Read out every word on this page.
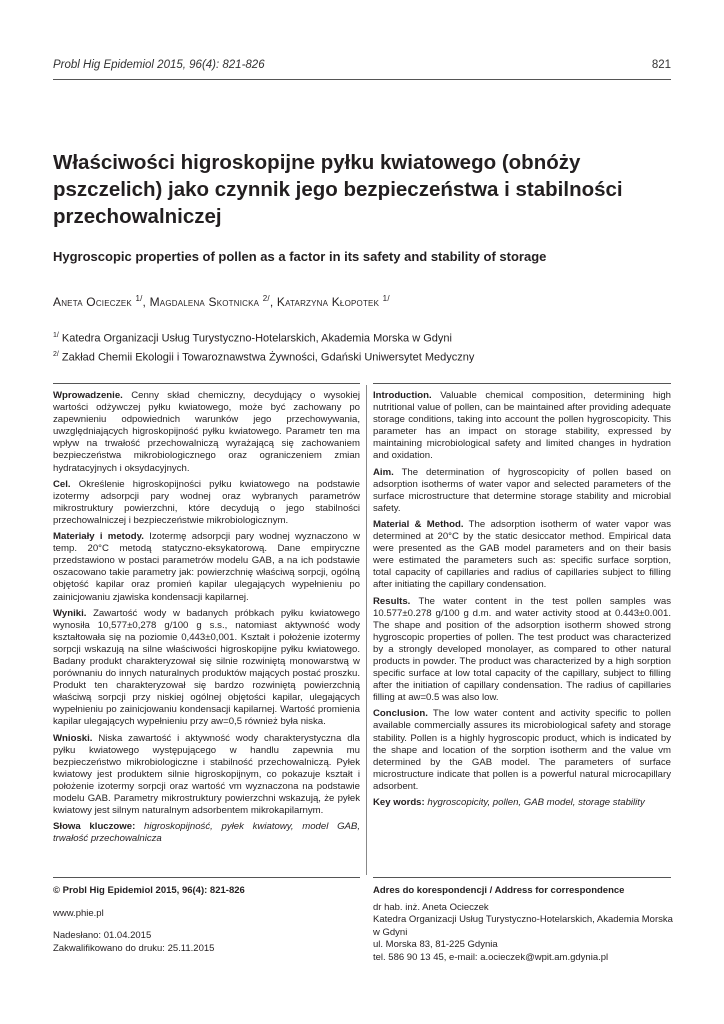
Probl Hig Epidemiol 2015, 96(4): 821-826	821
Właściwości higroskopijne pyłku kwiatowego (obnóży pszczelich) jako czynnik jego bezpieczeństwa i stabilności przechowalniczej
Hygroscopic properties of pollen as a factor in its safety and stability of storage
Aneta Ocieczek $^{1/}$, Magdalena Skotnicka $^{2/}$, Katarzyna Kłopotek $^{1/}$
$^{1/}$ Katedra Organizacji Usług Turystyczno-Hotelarskich, Akademia Morska w Gdyni
$^{2/}$ Zakład Chemii Ekologii i Towaroznawstwa Żywności, Gdański Uniwersytet Medyczny

Wprowadzenie. Cenny skład chemiczny, decydujący o wysokiej wartości odżywczej pyłku kwiatowego, może być zachowany po zapewnieniu odpowiednich warunków jego przechowywania, uwzględniających higroskopijność pyłku kwiatowego. Parametr ten ma wpływ na trwałość przechowalniczą wyrażającą się zachowaniem bezpieczeństwa mikrobiologicznego oraz ograniczeniem zmian hydratacyjnych i oksydacyjnych.

Cel. Określenie higroskopijności pyłku kwiatowego na podstawie izotermy adsorpcji pary wodnej oraz wybranych parametrów mikrostruktury powierzchni, które decydują o jego stabilności przechowalniczej i bezpieczeństwie mikrobiologicznym.

Materiały i metody. Izotermę adsorpcji pary wodnej wyznaczono w temp. 20°C metodą statyczno-eksykatorową. Dane empiryczne przedstawiono w postaci parametrów modelu GAB, a na ich podstawie oszacowano takie parametry jak: powierzchnię właściwą sorpcji, ogólną objętość kapilar oraz promień kapilar ulegających wypełnieniu po zainicjowaniu zjawiska kondensacji kapilarnej.

Wyniki. Zawartość wody w badanych próbkach pyłku kwiatowego wynosiła 10,577±0,278 g/100 g s.s., natomiast aktywność wody kształtowała się na poziomie 0,443±0,001. Kształt i położenie izotermy sorpcji wskazują na silne właściwości higroskopijne pyłku kwiatowego. Badany produkt charakteryzował się silnie rozwiniętą monowarstwą w porównaniu do innych naturalnych produktów mających postać proszku. Produkt ten charakteryzował się bardzo rozwiniętą powierzchnią właściwą sorpcji przy niskiej ogólnej objętości kapilar, ulegających wypełnieniu po zainicjowaniu kondensacji kapilarnej. Wartość promienia kapilar ulegających wypełnieniu przy aw=0,5 również była niska.

Wnioski. Niska zawartość i aktywność wody charakterystyczna dla pyłku kwiatowego występującego w handlu zapewnia mu bezpieczeństwo mikrobiologiczne i stabilność przechowalniczą. Pyłek kwiatowy jest produktem silnie higroskopijnym, co pokazuje kształt i położenie izotermy sorpcji oraz wartość vm wyznaczona na podstawie modelu GAB. Parametry mikrostruktury powierzchni wskazują, że pyłek kwiatowy jest silnym naturalnym adsorbentem mikrokapilarnym.

Słowa kluczowe: higroskopijność, pyłek kwiatowy, model GAB, trwałość przechowalnicza

Introduction. Valuable chemical composition, determining high nutritional value of pollen, can be maintained after providing adequate storage conditions, taking into account the pollen hygroscopicity. This parameter has an impact on storage stability, expressed by maintaining microbiological safety and limited changes in hydration and oxidation.

Aim. The determination of hygroscopicity of pollen based on adsorption isotherms of water vapor and selected parameters of the surface microstructure that determine storage stability and microbial safety.

Material & Method. The adsorption isotherm of water vapor was determined at 20°C by the static desiccator method. Empirical data were presented as the GAB model parameters and on their basis were estimated the parameters such as: specific surface sorption, total capacity of capillaries and radius of capillaries subject to filling after initiating the capillary condensation.

Results. The water content in the test pollen samples was 10.577±0.278 g/100 g d.m. and water activity stood at 0.443±0.001. The shape and position of the adsorption isotherm showed strong hygroscopic properties of pollen. The test product was characterized by a strongly developed monolayer, as compared to other natural products in powder. The product was characterized by a high sorption specific surface at low total capacity of the capillary, subject to filling after the initiation of capillary condensation. The radius of capillaries filling at aw=0.5 was also low.

Conclusion. The low water content and activity specific to pollen available commercially assures its microbiological safety and storage stability. Pollen is a highly hygroscopic product, which is indicated by the shape and location of the sorption isotherm and the value vm determined by the GAB model. The parameters of surface microstructure indicate that pollen is a powerful natural microcapillary adsorbent.

Key words: hygroscopicity, pollen, GAB model, storage stability

© Probl Hig Epidemiol 2015, 96(4): 821-826
www.phie.pl
Nadesłano: 01.04.2015
Zakwalifikowano do druku: 25.11.2015
Adres do korespondencji / Address for correspondence
dr hab. inż. Aneta Ocieczek
Katedra Organizacji Usług Turystyczno-Hotelarskich, Akademia Morska w Gdyni
ul. Morska 83, 81-225 Gdynia
tel. 586 90 13 45, e-mail: a.ocieczek@wpit.am.gdynia.pl
